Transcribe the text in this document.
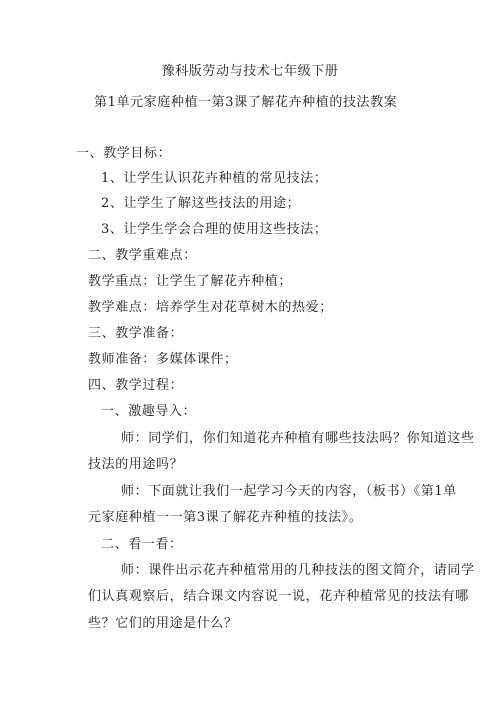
豫科版劳动与技术七年级下册
第1单元家庭种植一第3课了解花卉种植的技法教案
一、教学目标：
1、让学生认识花卉种植的常见技法；
2、让学生了解这些技法的用途；
3、让学生学会合理的使用这些技法；
二、教学重难点：
教学重点：让学生了解花卉种植；
教学难点：培养学生对花草树木的热爱；
三、教学准备：
教师准备：多媒体课件；
四、教学过程：
一、激趣导入：
师：同学们，你们知道花卉种植有哪些技法吗？你知道这些
技法的用途吗？
师：下面就让我们一起学习今天的内容，（板书）《第1单
元家庭种植一一第3课了解花卉种植的技法》。
二、看一看：
师：课件出示花卉种植常用的几种技法的图文简介，请同学
们认真观察后，结合课文内容说一说，花卉种植常见的技法有哪
些？它们的用途是什么？
